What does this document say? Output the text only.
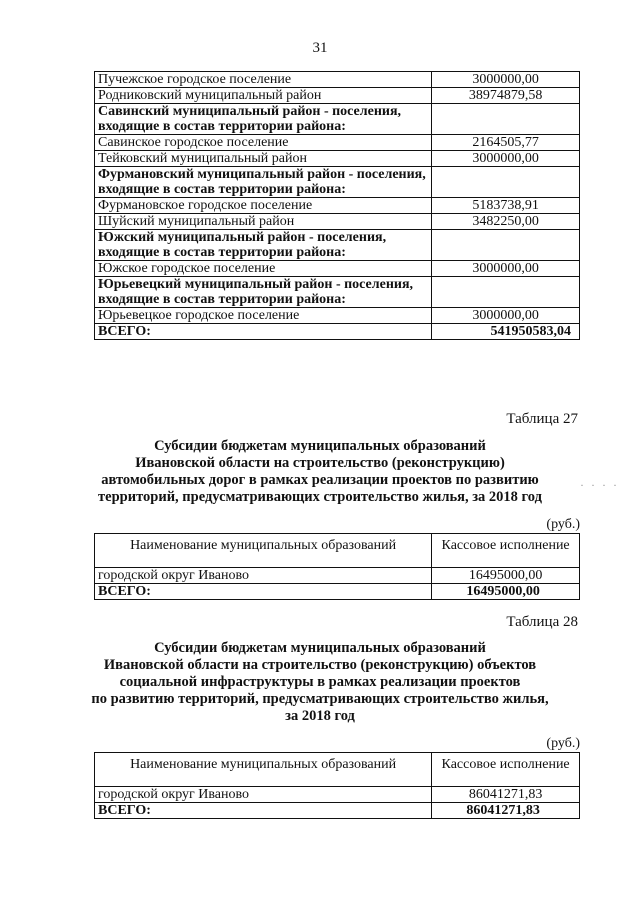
31
Пучежское городское поселение	3000000,00
Родниковский муниципальный район	38974879,58
Савинский муниципальный район - поселения, входящие в состав территории района:	
Савинское городское поселение	2164505,77
Тейковский муниципальный район	3000000,00
Фурмановский муниципальный район - поселения, входящие в состав территории района:	
Фурмановское городское поселение	5183738,91
Шуйский муниципальный район	3482250,00
Южский муниципальный район - поселения, входящие в состав территории района:	
Южское городское поселение	3000000,00
Юрьевецкий муниципальный район - поселения, входящие в состав территории района:	
Юрьевецкое городское поселение	3000000,00
ВСЕГО:	541950583,04
· · · ·
Таблица 27
Субсидии бюджетам муниципальных образований
Ивановской области на строительство (реконструкцию)
автомобильных дорог в рамках реализации проектов по развитию
территорий, предусматривающих строительство жилья, за 2018 год
(руб.)
Наименование муниципальных образований	Кассовое исполнение
городской округ Иваново	16495000,00
ВСЕГО:	16495000,00
Таблица 28
Субсидии бюджетам муниципальных образований
Ивановской области на строительство (реконструкцию) объектов
социальной инфраструктуры в рамках реализации проектов
по развитию территорий, предусматривающих строительство жилья,
за 2018 год
(руб.)
Наименование муниципальных образований	Кассовое исполнение
городской округ Иваново	86041271,83
ВСЕГО:	86041271,83
